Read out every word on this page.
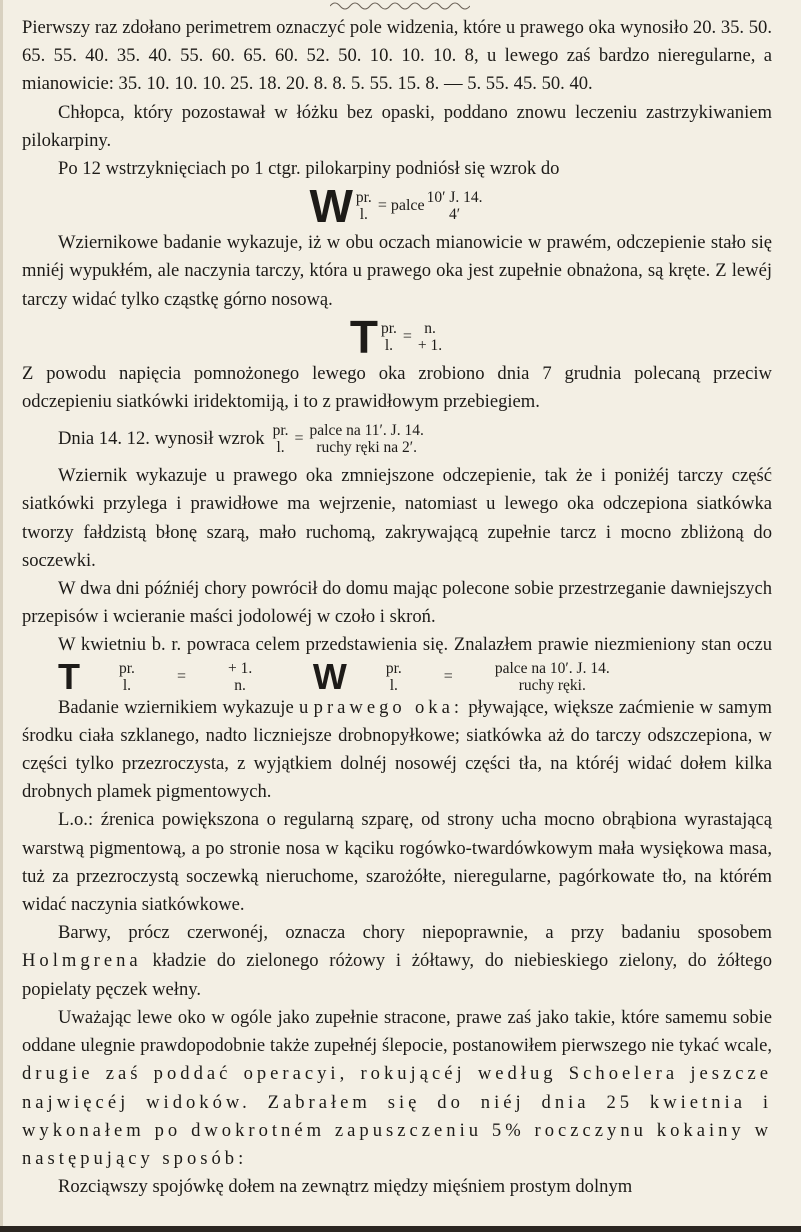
Pierwszy raz zdołano perimetrem oznaczyć pole widzenia, które u prawego oka wynosiło 20. 35. 50. 65. 55. 40. 35. 40. 55. 60. 65. 60. 52. 50. 10. 10. 10. 8, u lewego zaś bardzo nieregularne, a mianowicie: 35. 10. 10. 10. 25. 18. 20. 8. 8. 5. 55. 15. 8. — 5. 55. 45. 50. 40.

Chłopca, który pozostawał w łóżku bez opaski, poddano znowu leczeniu zastrzykiwaniem pilokarpiny.

Po 12 wstrzyknięciach po 1 ctgr. pilokarpiny podniósł się wzrok do

W pr.
l.
= palce 10′ J. 14.
4′

Wziernikowe badanie wykazuje, iż w obu oczach mianowicie w prawém, odczepienie stało się mniéj wypukłém, ale naczynia tarczy, która u prawego oka jest zupełnie obnażona, są kręte. Z lewéj tarczy widać tylko cząstkę górno nosową.

T pr.
l.
= n.
+ 1.

Z powodu napięcia pomnożonego lewego oka zrobiono dnia 7 grudnia polecaną przeciw odczepieniu siatkówki iridektomiją, i to z prawidłowym przebiegiem.

Dnia 14. 12. wynosił wzrok pr.
l.
= palce na 11′. J. 14.
ruchy ręki na 2′.

Wziernik wykazuje u prawego oka zmniejszone odczepienie, tak że i poniżéj tarczy część siatkówki przylega i prawidłowe ma wejrzenie, natomiast u lewego oka odczepiona siatkówka tworzy fałdzistą błonę szarą, mało ruchomą, zakrywającą zupełnie tarcz i mocno zbliżoną do soczewki.

W dwa dni późniéj chory powrócił do domu mając polecone sobie przestrzeganie dawniejszych przepisów i wcieranie maści jodolowéj w czoło i skroń.

W kwietniu b. r. powraca celem przedstawienia się. Znalazłem prawie niezmieniony stan oczu
T	pr.
l.
=	+ 1.
n.
	W	pr.
l.
=	palce na 10′. J. 14.
ruchy ręki.

Badanie wziernikiem wykazuje u prawego oka: pływające, większe zaćmienie w samym środku ciała szklanego, nadto liczniejsze drobnopyłkowe; siatkówka aż do tarczy odszczepiona, w części tylko przezroczysta, z wyjątkiem dolnéj nosowéj części tła, na któréj widać dołem kilka drobnych plamek pigmentowych.

L.o.: źrenica powiększona o regularną szparę, od strony ucha mocno obrąbiona wyrastającą warstwą pigmentową, a po stronie nosa w kąciku rogówko-twardówkowym mała wysiękowa masa, tuż za przezroczystą soczewką nieruchome, szarożółte, nieregularne, pagórkowate tło, na którém widać naczynia siatkówkowe.

Barwy, prócz czerwonéj, oznacza chory niepoprawnie, a przy badaniu sposobem Holmgrena kładzie do zielonego różowy i żółtawy, do niebieskiego zielony, do żółtego popielaty pęczek wełny.

Uważając lewe oko w ogóle jako zupełnie stracone, prawe zaś jako takie, które samemu sobie oddane ulegnie prawdopodobnie także zupełnéj ślepocie, postanowiłem pierwszego nie tykać wcale, drugie zaś poddać operacyi, rokującéj według Schoelera jeszcze najwięcéj widoków. Zabrałem się do niéj dnia 25 kwietnia i wykonałem po dwokrotném zapuszczeniu 5% roczczynu kokainy w następujący sposób:

Rozciąwszy spojówkę dołem na zewnątrz między mięśniem prostym dolnym
